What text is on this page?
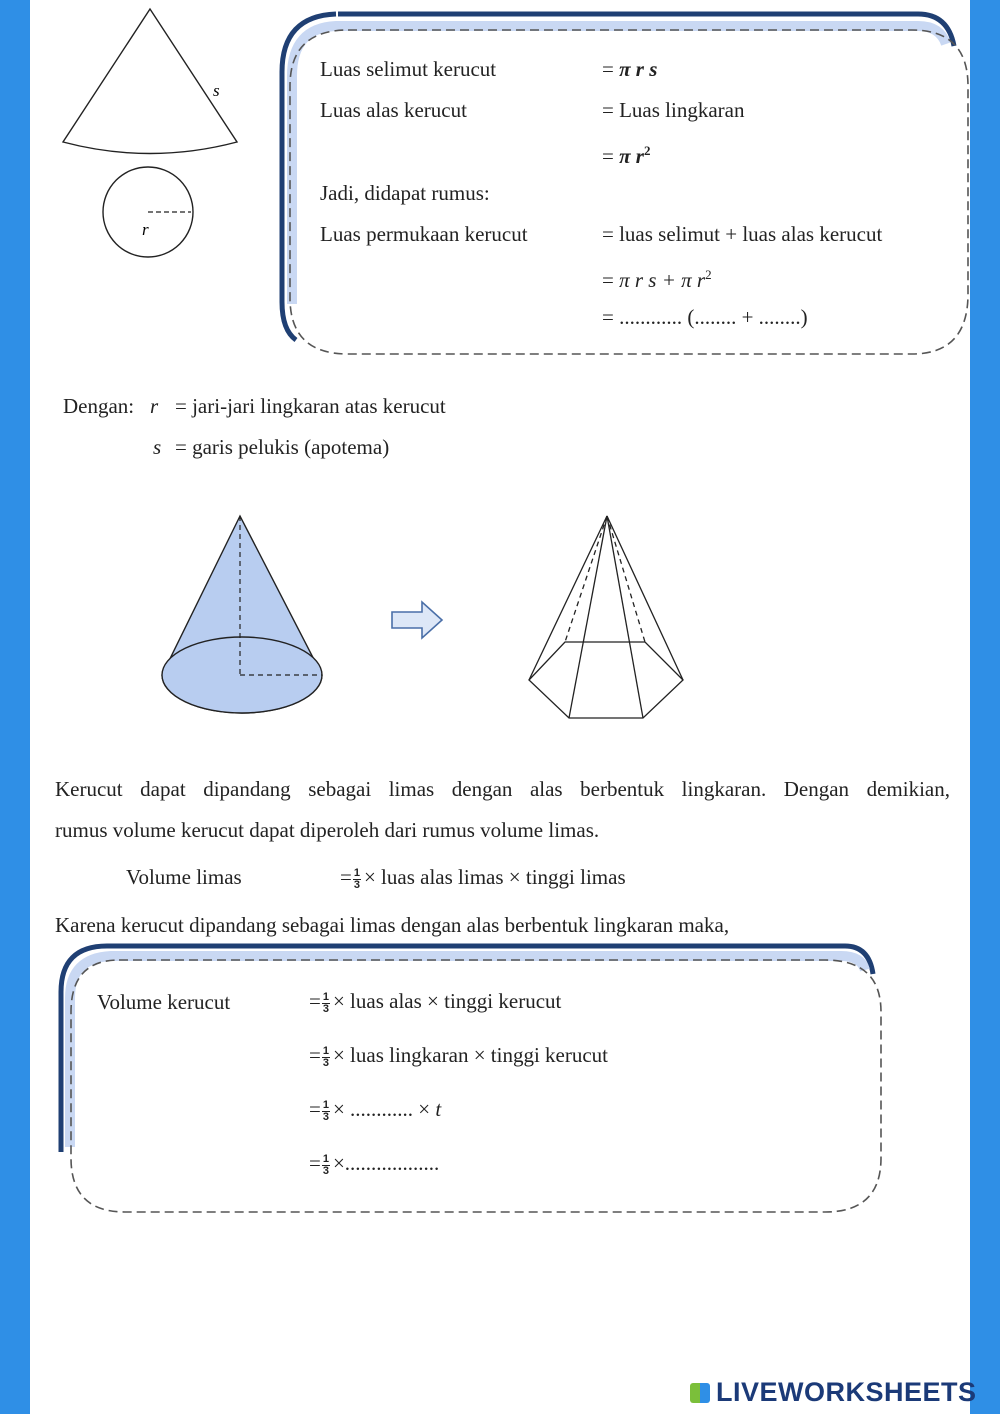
s
r
Luas selimut kerucut	= π r s
Luas alas kerucut	= Luas lingkaran
= π $r^2$
Jadi, didapat rumus:
Luas permukaan kerucut	= luas selimut + luas alas kerucut
= π r s + π $r^2$
= ............ (........ + ........)
Dengan: r = jari-jari lingkaran atas kerucut
s = garis pelukis (apotema)
Kerucut dapat dipandang sebagai limas dengan alas berbentuk lingkaran. Dengan demikian,
rumus volume kerucut dapat diperoleh dari rumus volume limas.
Volume limas	= $\frac{1}{3}$ × luas alas limas × tinggi limas
Karena kerucut dipandang sebagai limas dengan alas berbentuk lingkaran maka,
Volume kerucut	= $\frac{1}{3}$ × luas alas × tinggi kerucut
= $\frac{1}{3}$ × luas lingkaran × tinggi kerucut
= $\frac{1}{3}$ × ............ × t
= $\frac{1}{3}$ ×..................
LIVEWORKSHEETS
